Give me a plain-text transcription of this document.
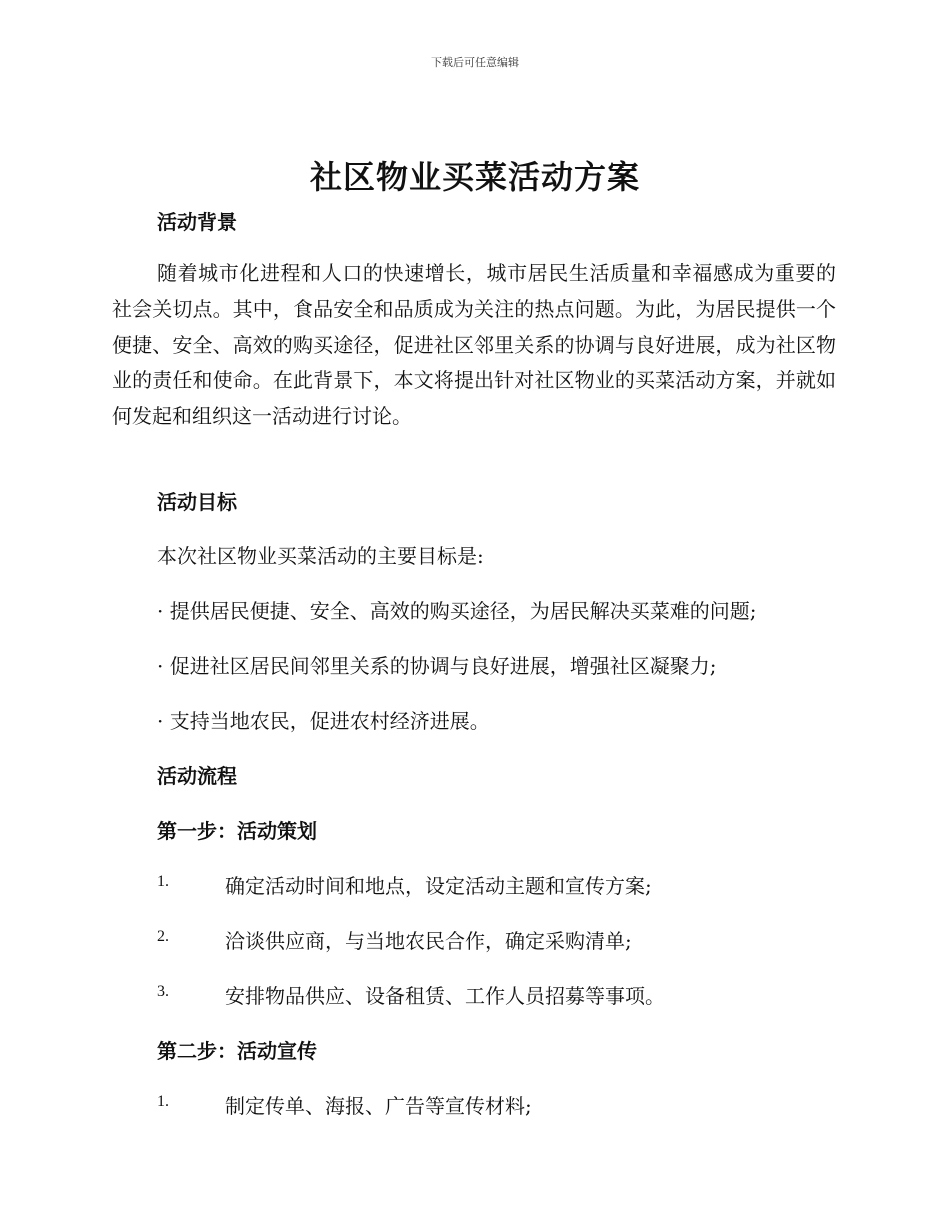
下载后可任意编辑
社区物业买菜活动方案
活动背景

随着城市化进程和人口的快速增长，城市居民生活质量和幸福感成为重要的社会关切点。其中，食品安全和品质成为关注的热点问题。为此，为居民提供一个便捷、安全、高效的购买途径，促进社区邻里关系的协调与良好进展，成为社区物业的责任和使命。在此背景下，本文将提出针对社区物业的买菜活动方案，并就如何发起和组织这一活动进行讨论。

活动目标
本次社区物业买菜活动的主要目标是:
· 提供居民便捷、安全、高效的购买途径，为居民解决买菜难的问题;
· 促进社区居民间邻里关系的协调与良好进展，增强社区凝聚力;
· 支持当地农民，促进农村经济进展。
活动流程
第一步：活动策划
1.	确定活动时间和地点，设定活动主题和宣传方案;
2.	洽谈供应商，与当地农民合作，确定采购清单;
3.	安排物品供应、设备租赁、工作人员招募等事项。
第二步：活动宣传
1.	制定传单、海报、广告等宣传材料;
